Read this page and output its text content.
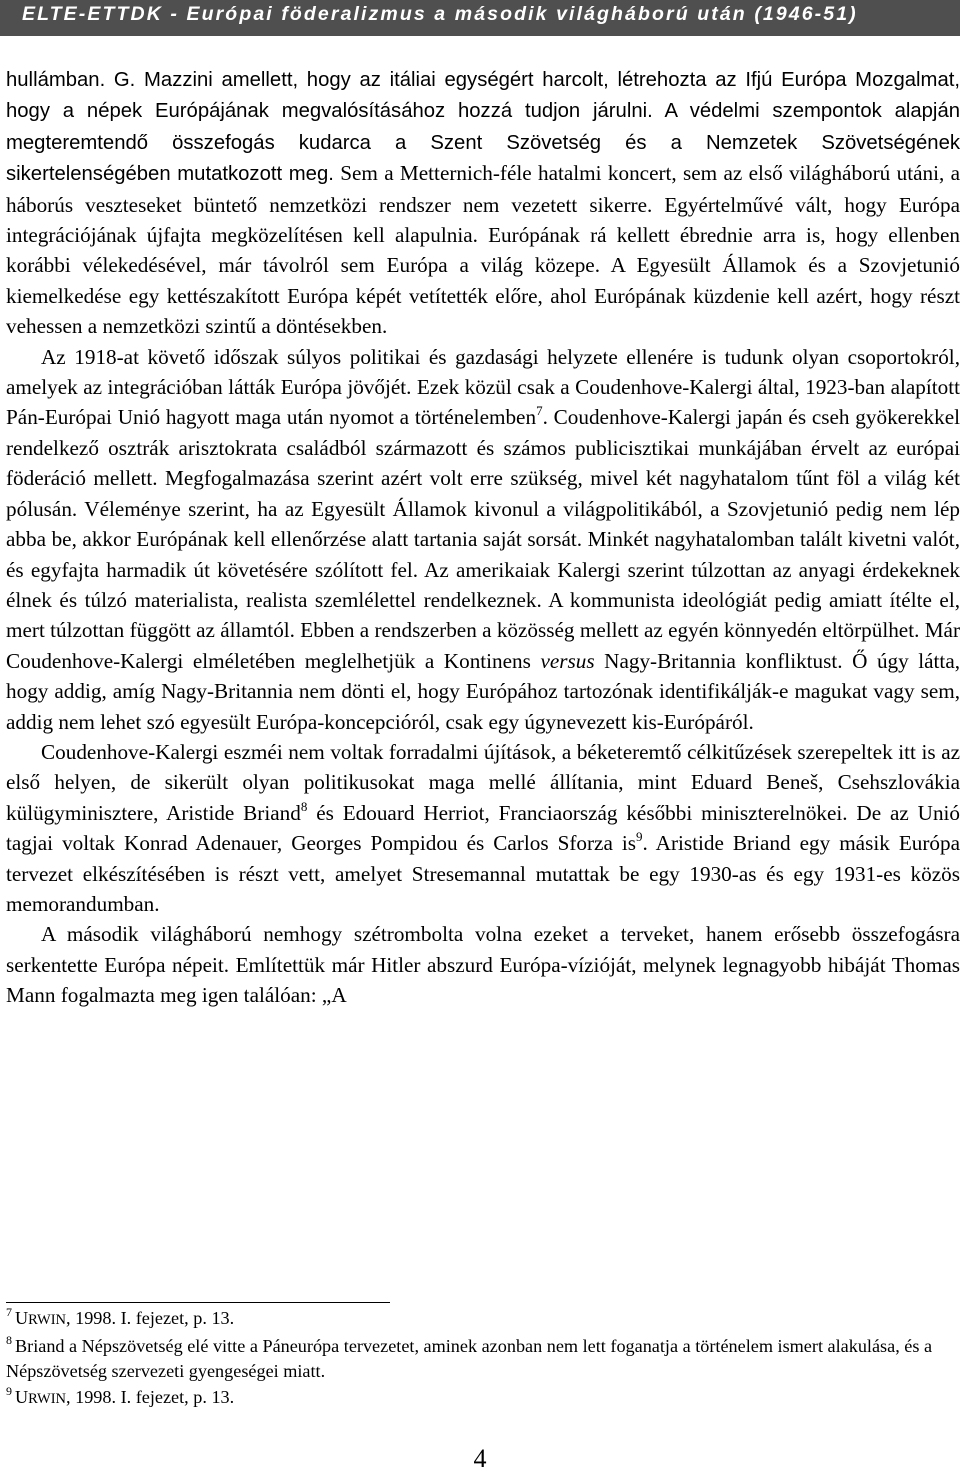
ELTE-ETTDK - Európai föderalizmus a második világháború után (1946-51)

hullámban. G. Mazzini amellett, hogy az itáliai egységért harcolt, létrehozta az Ifjú Európa Mozgalmat, hogy a népek Európájának megvalósításához hozzá tudjon járulni. A védelmi szempontok alapján megteremtendő összefogás kudarca a Szent Szövetség és a Nemzetek Szövetségének sikertelenségében mutatkozott meg. Sem a Metternich-féle hatalmi koncert, sem az első világháború utáni, a háborús veszteseket büntető nemzetközi rendszer nem vezetett sikerre. Egyértelművé vált, hogy Európa integrációjának újfajta megközelítésen kell alapulnia. Európának rá kellett ébrednie arra is, hogy ellenben korábbi vélekedésével, már távolról sem Európa a világ közepe. A Egyesült Államok és a Szovjetunió kiemelkedése egy kettészakított Európa képét vetítették előre, ahol Európának küzdenie kell azért, hogy részt vehessen a nemzetközi szintű a döntésekben.

Az 1918-at követő időszak súlyos politikai és gazdasági helyzete ellenére is tudunk olyan csoportokról, amelyek az integrációban látták Európa jövőjét. Ezek közül csak a Coudenhove-Kalergi által, 1923-ban alapított Pán-Európai Unió hagyott maga után nyomot a történelemben$^7$. Coudenhove-Kalergi japán és cseh gyökerekkel rendelkező osztrák arisztokrata családból származott és számos publicisztikai munkájában érvelt az európai föderáció mellett. Megfogalmazása szerint azért volt erre szükség, mivel két nagyhatalom tűnt föl a világ két pólusán. Véleménye szerint, ha az Egyesült Államok kivonul a világpolitikából, a Szovjetunió pedig nem lép abba be, akkor Európának kell ellenőrzése alatt tartania saját sorsát. Minkét nagyhatalomban talált kivetni valót, és egyfajta harmadik út követésére szólított fel. Az amerikaiak Kalergi szerint túlzottan az anyagi érdekeknek élnek és túlzó materialista, realista szemlélettel rendelkeznek. A kommunista ideológiát pedig amiatt ítélte el, mert túlzottan függött az államtól. Ebben a rendszerben a közösség mellett az egyén könnyedén eltörpülhet. Már Coudenhove-Kalergi elméletében meglelhetjük a Kontinens versus Nagy-Britannia konfliktust. Ő úgy látta, hogy addig, amíg Nagy-Britannia nem dönti el, hogy Európához tartozónak identifikálják-e magukat vagy sem, addig nem lehet szó egyesült Európa-koncepcióról, csak egy úgynevezett kis-Európáról.

Coudenhove-Kalergi eszméi nem voltak forradalmi újítások, a béketeremtő célkitűzések szerepeltek itt is az első helyen, de sikerült olyan politikusokat maga mellé állítania, mint Eduard Beneš, Csehszlovákia külügyminisztere, Aristide Briand$^8$ és Edouard Herriot, Franciaország későbbi miniszterelnökei. De az Unió tagjai voltak Konrad Adenauer, Georges Pompidou és Carlos Sforza $is^9$. Aristide Briand egy másik Európa tervezet elkészítésében is részt vett, amelyet Stresemannal mutattak be egy 1930-as és egy 1931-es közös memorandumban.

A második világháború nemhogy szétrombolta volna ezeket a terveket, hanem erősebb összefogásra serkentette Európa népeit. Említettük már Hitler abszurd Európa-vízióját, melynek legnagyobb hibáját Thomas Mann fogalmazta meg igen találóan: „A

$^7$ URWIN, 1998. I. fejezet, p. 13.

$^8$ Briand a Népszövetség elé vitte a Páneurópa tervezetet, aminek azonban nem lett foganatja a történelem ismert alakulása, és a Népszövetség szervezeti gyengeségei miatt.

$^9$ URWIN, 1998. I. fejezet, p. 13.

4
